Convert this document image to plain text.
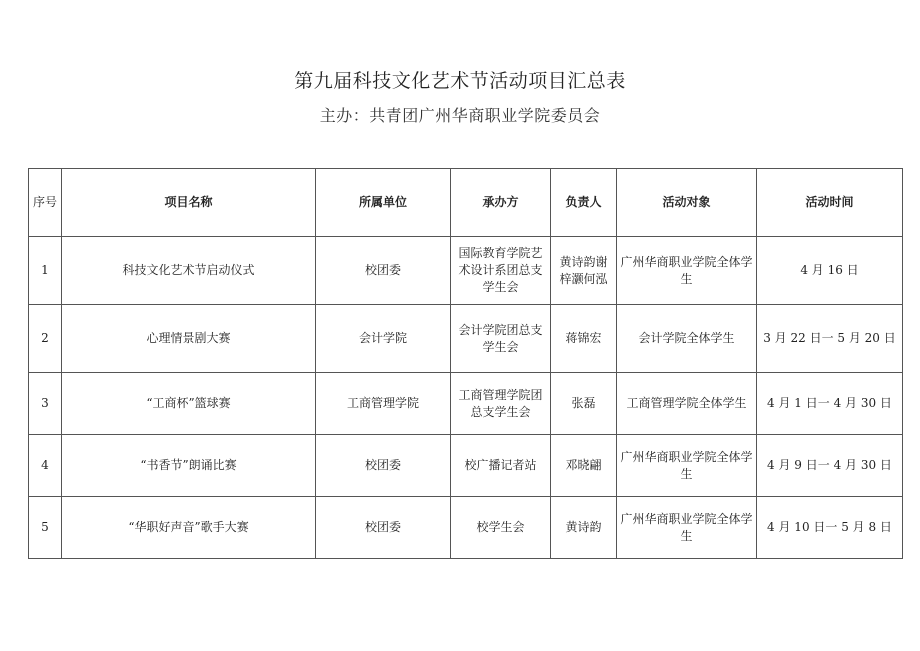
第九届科技文化艺术节活动项目汇总表
主办：共青团广州华商职业学院委员会
序号	项目名称	所属单位	承办方	负责人	活动对象	活动时间
1	科技文化艺术节启动仪式	校团委	国际教育学院艺术设计系团总支学生会	黄诗韵谢梓灏何泓	广州华商职业学院全体学生	4 月 16 日
2	心理情景剧大赛	会计学院	会计学院团总支学生会	蒋锦宏	会计学院全体学生	3 月 22 日一 5 月 20 日
3	“工商杯”篮球赛	工商管理学院	工商管理学院团总支学生会	张磊	工商管理学院全体学生	4 月 1 日一 4 月 30 日
4	“书香节”朗诵比赛	校团委	校广播记者站	邓晓翩	广州华商职业学院全体学生	4 月 9 日一 4 月 30 日
5	“华职好声音”歌手大赛	校团委	校学生会	黄诗韵	广州华商职业学院全体学生	4 月 10 日一 5 月 8 日
